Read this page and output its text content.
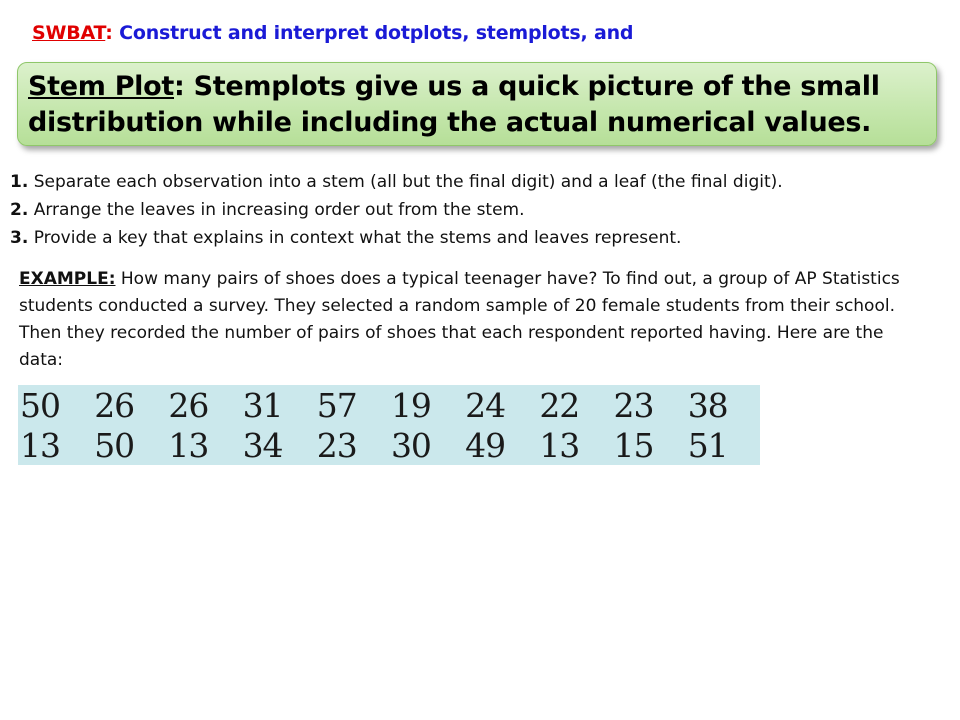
SWBAT: Construct and interpret dotplots, stemplots, and
Stem Plot: Stemplots give us a quick picture of the small distribution while including the actual numerical values.

1. Separate each observation into a stem (all but the final digit) and a leaf (the final digit).

2. Arrange the leaves in increasing order out from the stem.

3. Provide a key that explains in context what the stems and leaves represent.

EXAMPLE: How many pairs of shoes does a typical teenager have? To find out, a group of AP Statistics students conducted a survey. They selected a random sample of 20 female students from their school. Then they recorded the number of pairs of shoes that each respondent reported having. Here are the data:
50	26	26	31	57	19	24	22	23	38
13	50	13	34	23	30	49	13	15	51
